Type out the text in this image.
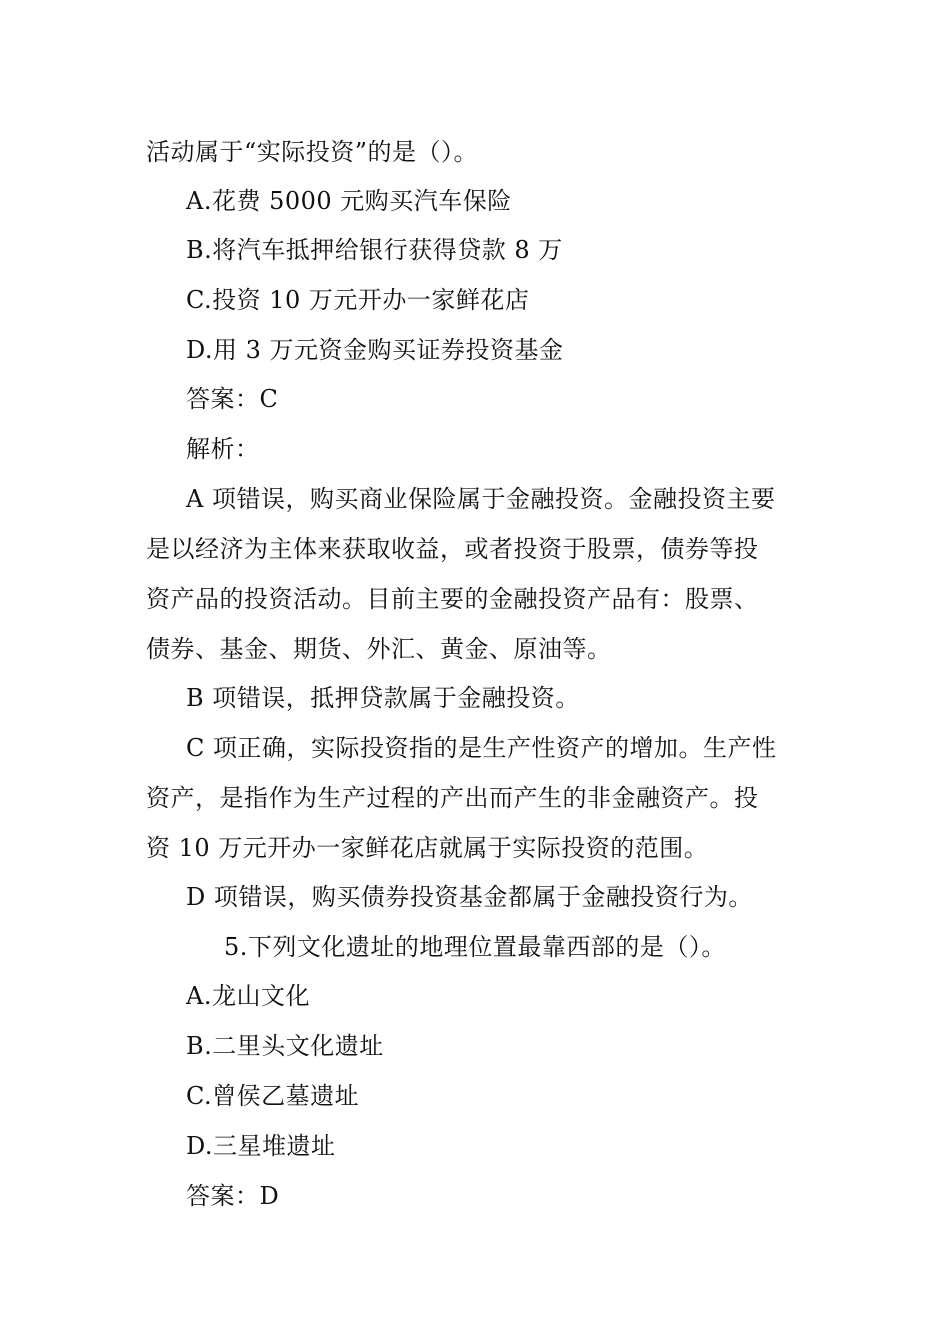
活动属于“实际投资”的是（）。
A.花费 5000 元购买汽车保险
B.将汽车抵押给银行获得贷款 8 万
C.投资 10 万元开办一家鲜花店
D.用 3 万元资金购买证券投资基金
答案：C
解析：
A 项错误，购买商业保险属于金融投资。金融投资主要
是以经济为主体来获取收益，或者投资于股票，债券等投
资产品的投资活动。目前主要的金融投资产品有：股票、
债券、基金、期货、外汇、黄金、原油等。
B 项错误，抵押贷款属于金融投资。
C 项正确，实际投资指的是生产性资产的增加。生产性
资产，是指作为生产过程的产出而产生的非金融资产。投
资 10 万元开办一家鲜花店就属于实际投资的范围。
D 项错误，购买债券投资基金都属于金融投资行为。
5.下列文化遗址的地理位置最靠西部的是（）。
A.龙山文化
B.二里头文化遗址
C.曾侯乙墓遗址
D.三星堆遗址
答案：D
